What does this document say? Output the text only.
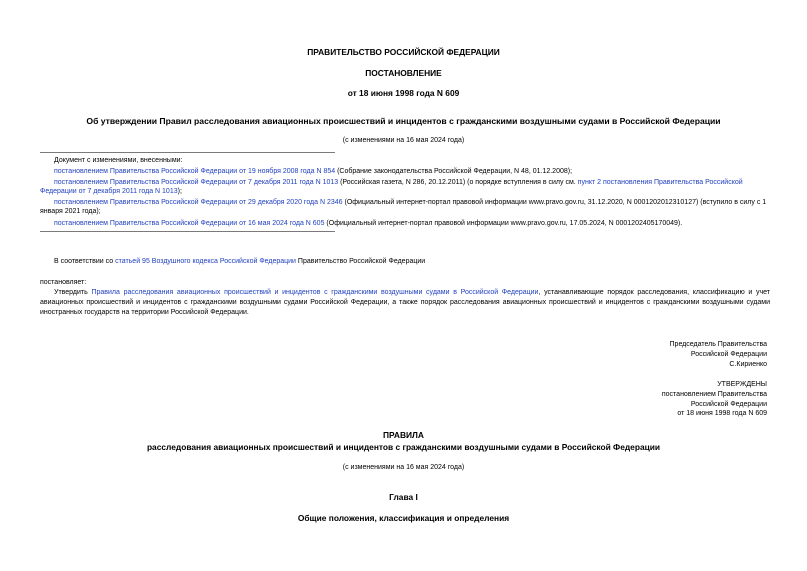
ПРАВИТЕЛЬСТВО РОССИЙСКОЙ ФЕДЕРАЦИИ
ПОСТАНОВЛЕНИЕ
от 18 июня 1998 года N 609
Об утверждении Правил расследования авиационных происшествий и инцидентов с гражданскими воздушными судами в Российской Федерации
(с изменениями на 16 мая 2024 года)
Документ с изменениями, внесенными:
постановлением Правительства Российской Федерации от 19 ноября 2008 года N 854 (Собрание законодательства Российской Федерации, N 48, 01.12.2008);
постановлением Правительства Российской Федерации от 7 декабря 2011 года N 1013 (Российская газета, N 286, 20.12.2011) (о порядке вступления в силу см. пункт 2 постановления Правительства Российской Федерации от 7 декабря 2011 года N 1013);
постановлением Правительства Российской Федерации от 29 декабря 2020 года N 2346 (Официальный интернет-портал правовой информации www.pravo.gov.ru, 31.12.2020, N 0001202012310127) (вступило в силу с 1 января 2021 года);
постановлением Правительства Российской Федерации от 16 мая 2024 года N 605 (Официальный интернет-портал правовой информации www.pravo.gov.ru, 17.05.2024, N 0001202405170049).
В соответствии со статьей 95 Воздушного кодекса Российской Федерации Правительство Российской Федерации
постановляет:
Утвердить Правила расследования авиационных происшествий и инцидентов с гражданскими воздушными судами в Российской Федерации, устанавливающие порядок расследования, классификацию и учет авиационных происшествий и инцидентов с гражданскими воздушными судами Российской Федерации, а также порядок расследования авиационных происшествий и инцидентов с гражданскими воздушными судами иностранных государств на территории Российской Федерации.
Председатель Правительства
Российской Федерации
С.Кириенко
УТВЕРЖДЕНЫ
постановлением Правительства
Российской Федерации
от 18 июня 1998 года N 609
ПРАВИЛА
расследования авиационных происшествий и инцидентов с гражданскими воздушными судами в Российской Федерации
(с изменениями на 16 мая 2024 года)
Глава I
Общие положения, классификация и определения
